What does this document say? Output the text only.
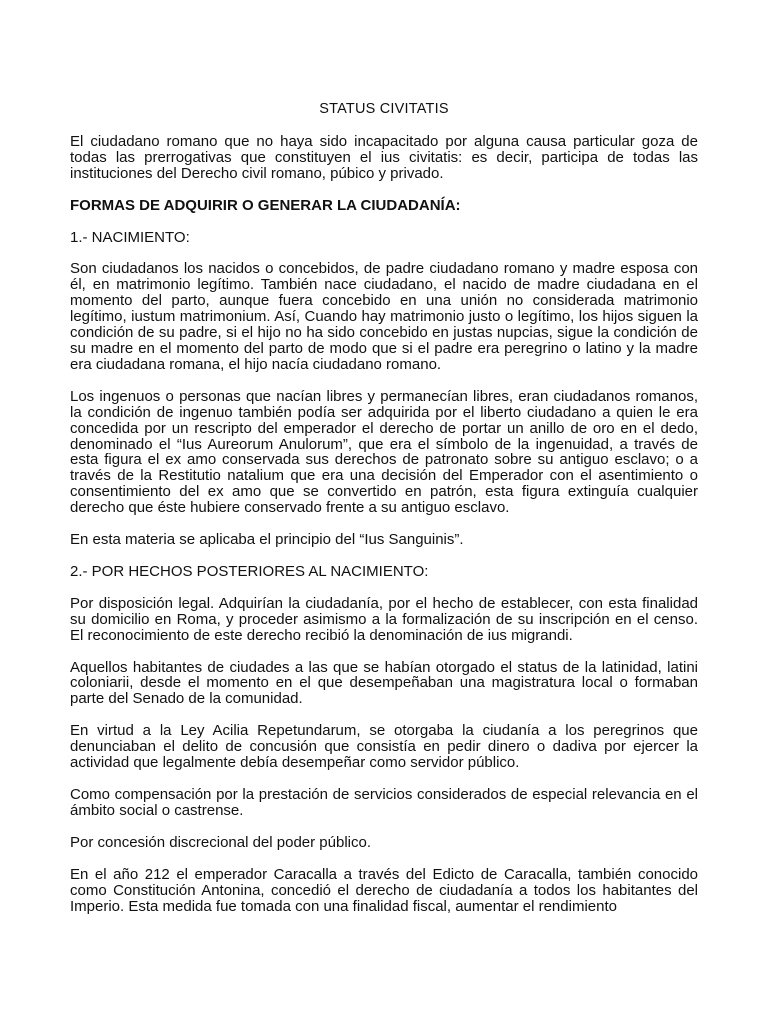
STATUS CIVITATIS

El ciudadano romano que no haya sido incapacitado por alguna causa particular goza de todas las prerrogativas que constituyen el ius civitatis: es decir, participa de todas las instituciones del Derecho civil romano, púbico y privado.

FORMAS DE ADQUIRIR O GENERAR LA CIUDADANÍA:
1.- NACIMIENTO:

Son ciudadanos los nacidos o concebidos, de padre ciudadano romano y madre esposa con él, en matrimonio legítimo. También nace ciudadano, el nacido de madre ciudadana en el momento del parto, aunque fuera concebido en una unión no considerada matrimonio legítimo, iustum matrimonium. Así, Cuando hay matrimonio justo o legítimo, los hijos siguen la condición de su padre, si el hijo no ha sido concebido en justas nupcias, sigue la condición de su madre en el momento del parto de modo que si el padre era peregrino o latino y la madre era ciudadana romana, el hijo nacía ciudadano romano.

Los ingenuos o personas que nacían libres y permanecían libres, eran ciudadanos romanos, la condición de ingenuo también podía ser adquirida por el liberto ciudadano a quien le era concedida por un rescripto del emperador el derecho de portar un anillo de oro en el dedo, denominado el “Ius Aureorum Anulorum”, que era el símbolo de la ingenuidad, a través de esta figura el ex amo conservada sus derechos de patronato sobre su antiguo esclavo; o a través de la Restitutio natalium que era una decisión del Emperador con el asentimiento o consentimiento del ex amo que se convertido en patrón, esta figura extinguía cualquier derecho que éste hubiere conservado frente a su antiguo esclavo.

En esta materia se aplicaba el principio del “Ius Sanguinis”.

2.- POR HECHOS POSTERIORES AL NACIMIENTO:

Por disposición legal. Adquirían la ciudadanía, por el hecho de establecer, con esta finalidad su domicilio en Roma, y proceder asimismo a la formalización de su inscripción en el censo. El reconocimiento de este derecho recibió la denominación de ius migrandi.

Aquellos habitantes de ciudades a las que se habían otorgado el status de la latinidad, latini coloniarii, desde el momento en el que desempeñaban una magistratura local o formaban parte del Senado de la comunidad.

En virtud a la Ley Acilia Repetundarum, se otorgaba la ciudanía a los peregrinos que denunciaban el delito de concusión que consistía en pedir dinero o dadiva por ejercer la actividad que legalmente debía desempeñar como servidor público.

Como compensación por la prestación de servicios considerados de especial relevancia en el ámbito social o castrense.

Por concesión discrecional del poder público.

En el año 212 el emperador Caracalla a través del Edicto de Caracalla, también conocido como Constitución Antonina, concedió el derecho de ciudadanía a todos los habitantes del Imperio. Esta medida fue tomada con una finalidad fiscal, aumentar el rendimiento
